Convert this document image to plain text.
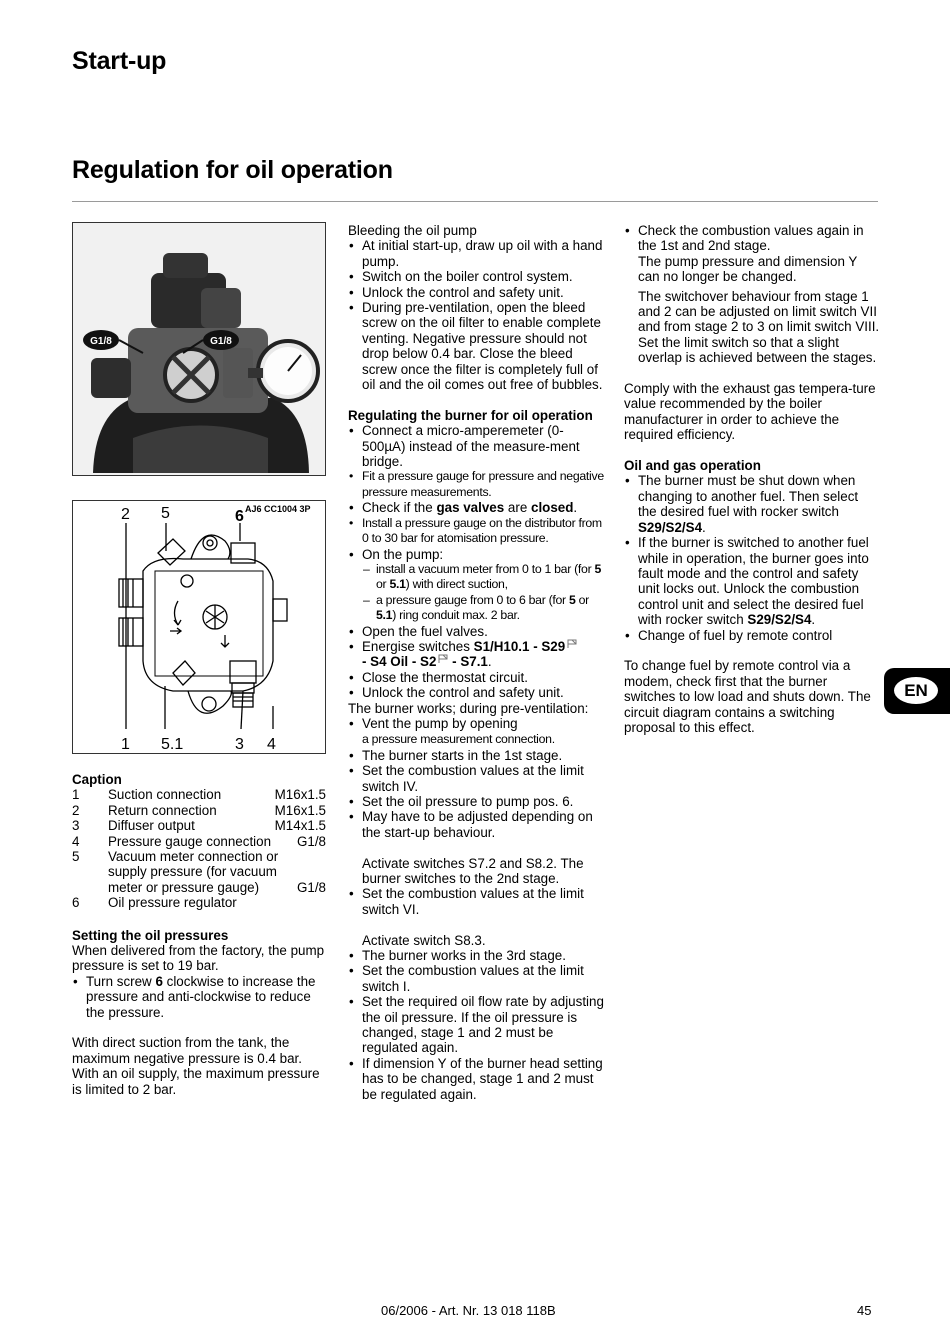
Start-up
Regulation for oil operation
G1/8	G1/8
AJ6 CC1004 3P
2 5	6
1 5.1	3 4

Caption

1	Suction connection	M16x1.5
2	Return connection	M16x1.5
3	Diffuser output	M14x1.5
4	Pressure gauge connection	G1/8
5	Vacuum meter connection or
supply pressure (for vacuum
meter or pressure gauge)	G1/8
6	Oil pressure regulator

Setting the oil pressures

When delivered from the factory, the pump pressure is set to 19 bar.

• Turn screw 6 clockwise to increase the pressure and anti-clockwise to reduce the pressure.

With direct suction from the tank, the maximum negative pressure is 0.4 bar. With an oil supply, the maximum pressure is limited to 2 bar.

Bleeding the oil pump

• At initial start-up, draw up oil with a hand pump.
• Switch on the boiler control system.
• Unlock the control and safety unit.
• During pre-ventilation, open the bleed screw on the oil filter to enable complete venting. Negative pressure should not drop below 0.4 bar. Close the bleed screw once the filter is completely full of oil and the oil comes out free of bubbles.

Regulating the burner for oil operation

• Connect a micro-amperemeter (0-500µA) instead of the measure-ment bridge.
• Fit a pressure gauge for pressure and negative pressure measurements.
• Check if the gas valves are closed.
• Install a pressure gauge on the distributor from 0 to 30 bar for atomisation pressure.
• On the pump:
– install a vacuum meter from 0 to 1 bar (for 5 or 5.1) with direct suction,
– a pressure gauge from 0 to 6 bar (for 5 or 5.1) ring conduit max. 2 bar.
• Open the fuel valves.
• Energise switches S1/H10.1 - S29
- S4 Oil - S2 - S7.1.
• Close the thermostat circuit.
• Unlock the control and safety unit.

The burner works; during pre-ventilation:

• Vent the pump by opening
a pressure measurement connection.
• The burner starts in the 1st stage.
• Set the combustion values at the limit switch IV.
• Set the oil pressure to pump pos. 6.
• May have to be adjusted depending on the start-up behaviour.

Activate switches S7.2 and S8.2. The burner switches to the 2nd stage.

• Set the combustion values at the limit switch VI.

Activate switch S8.3.

• The burner works in the 3rd stage.
• Set the combustion values at the limit switch I.
• Set the required oil flow rate by adjusting the oil pressure. If the oil pressure is changed, stage 1 and 2 must be regulated again.
• If dimension Y of the burner head setting has to be changed, stage 1 and 2 must be regulated again.
• Check the combustion values again in the 1st and 2nd stage.
The pump pressure and dimension Y can no longer be changed.

The switchover behaviour from stage 1 and 2 can be adjusted on limit switch VII and from stage 2 to 3 on limit switch VIII. Set the limit switch so that a slight overlap is achieved between the stages.

Comply with the exhaust gas tempera-ture value recommended by the boiler manufacturer in order to achieve the required efficiency.

Oil and gas operation

• The burner must be shut down when changing to another fuel. Then select the desired fuel with rocker switch S29/S2/S4.
• If the burner is switched to another fuel while in operation, the burner goes into fault mode and the control and safety unit locks out. Unlock the combustion control unit and select the desired fuel with rocker switch S29/S2/S4.
• Change of fuel by remote control

To change fuel by remote control via a modem, check first that the burner switches to low load and shuts down. The circuit diagram contains a switching proposal to this effect.

EN
06/2006 - Art. Nr. 13 018 118B	45
